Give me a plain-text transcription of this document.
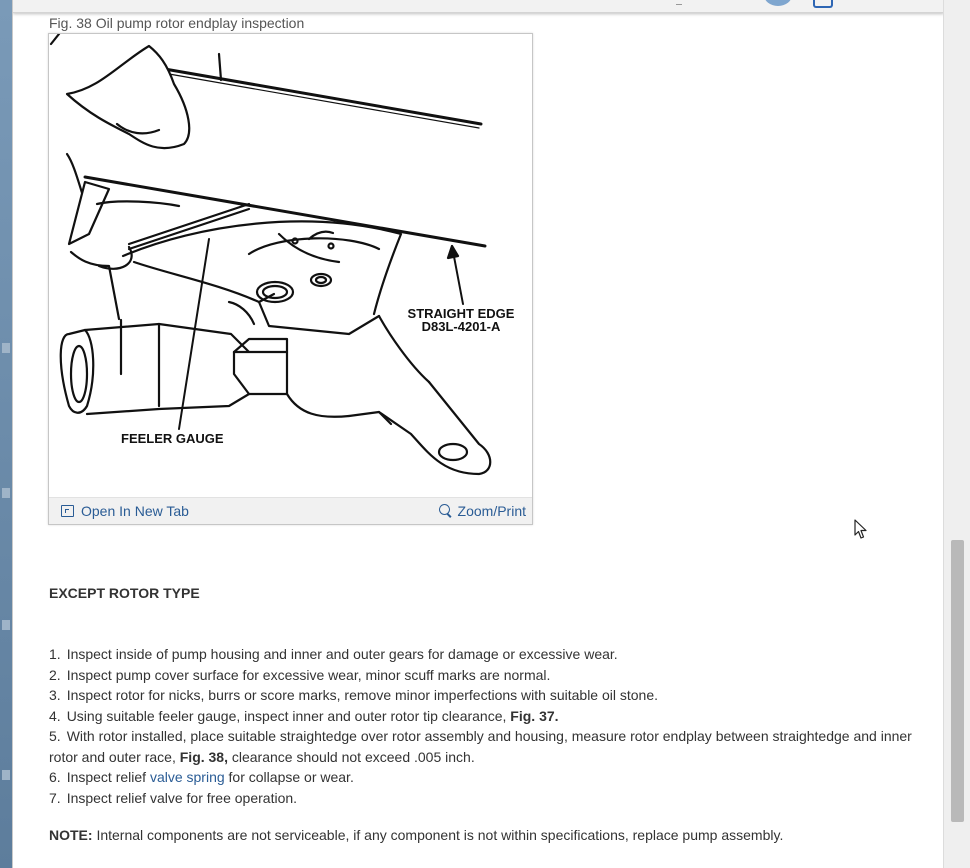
Fig. 38 Oil pump rotor endplay inspection
STRAIGHT EDGE
D83L-4201-A
FEELER GAUGE
Open In New Tab	Zoom/Print
EXCEPT ROTOR TYPE
1. Inspect inside of pump housing and inner and outer gears for damage or excessive wear.
2. Inspect pump cover surface for excessive wear, minor scuff marks are normal.
3. Inspect rotor for nicks, burrs or score marks, remove minor imperfections with suitable oil stone.
4. Using suitable feeler gauge, inspect inner and outer rotor tip clearance, Fig. 37.
5. With rotor installed, place suitable straightedge over rotor assembly and housing, measure rotor endplay between straightedge and inner rotor and outer race, Fig. 38, clearance should not exceed .005 inch.
6. Inspect relief valve spring for collapse or wear.
7. Inspect relief valve for free operation.
NOTE: Internal components are not serviceable, if any component is not within specifications, replace pump assembly.
